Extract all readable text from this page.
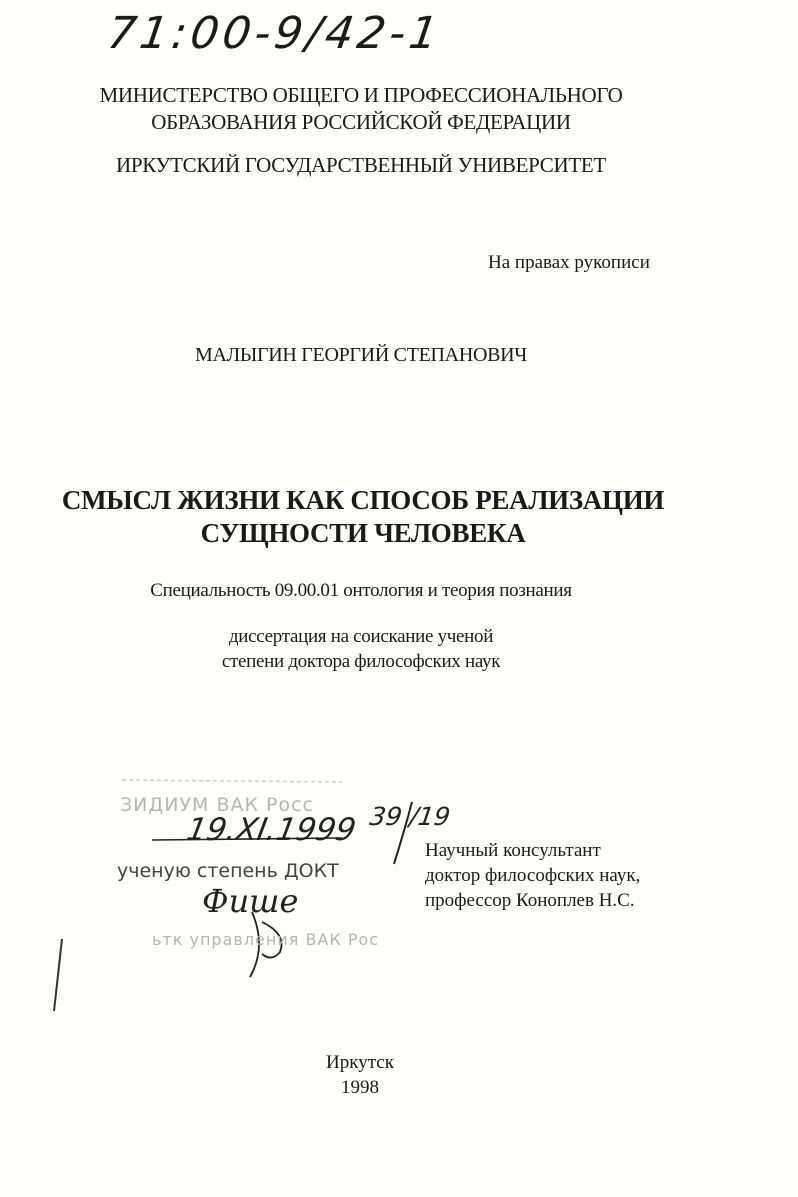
71:00-9/42-1
МИНИСТЕРСТВО ОБЩЕГО И ПРОФЕССИОНАЛЬНОГО
ОБРАЗОВАНИЯ РОССИЙСКОЙ ФЕДЕРАЦИИ
ИРКУТСКИЙ ГОСУДАРСТВЕННЫЙ УНИВЕРСИТЕТ
На правах рукописи
МАЛЫГИН ГЕОРГИЙ СТЕПАНОВИЧ
СМЫСЛ ЖИЗНИ КАК СПОСОБ РЕАЛИЗАЦИИ
СУЩНОСТИ ЧЕЛОВЕКА
Специальность 09.00.01 онтология и теория познания
диссертация на соискание ученой
степени доктора философских наук
ЗИДИУМ ВАК Росс
19.XI.1999 39 /19
ученую степень ДОКТ
Фише
ьтк управления ВАК Рос
Научный консультант
доктор философских наук,
профессор Коноплев Н.С.
Иркутск
1998
